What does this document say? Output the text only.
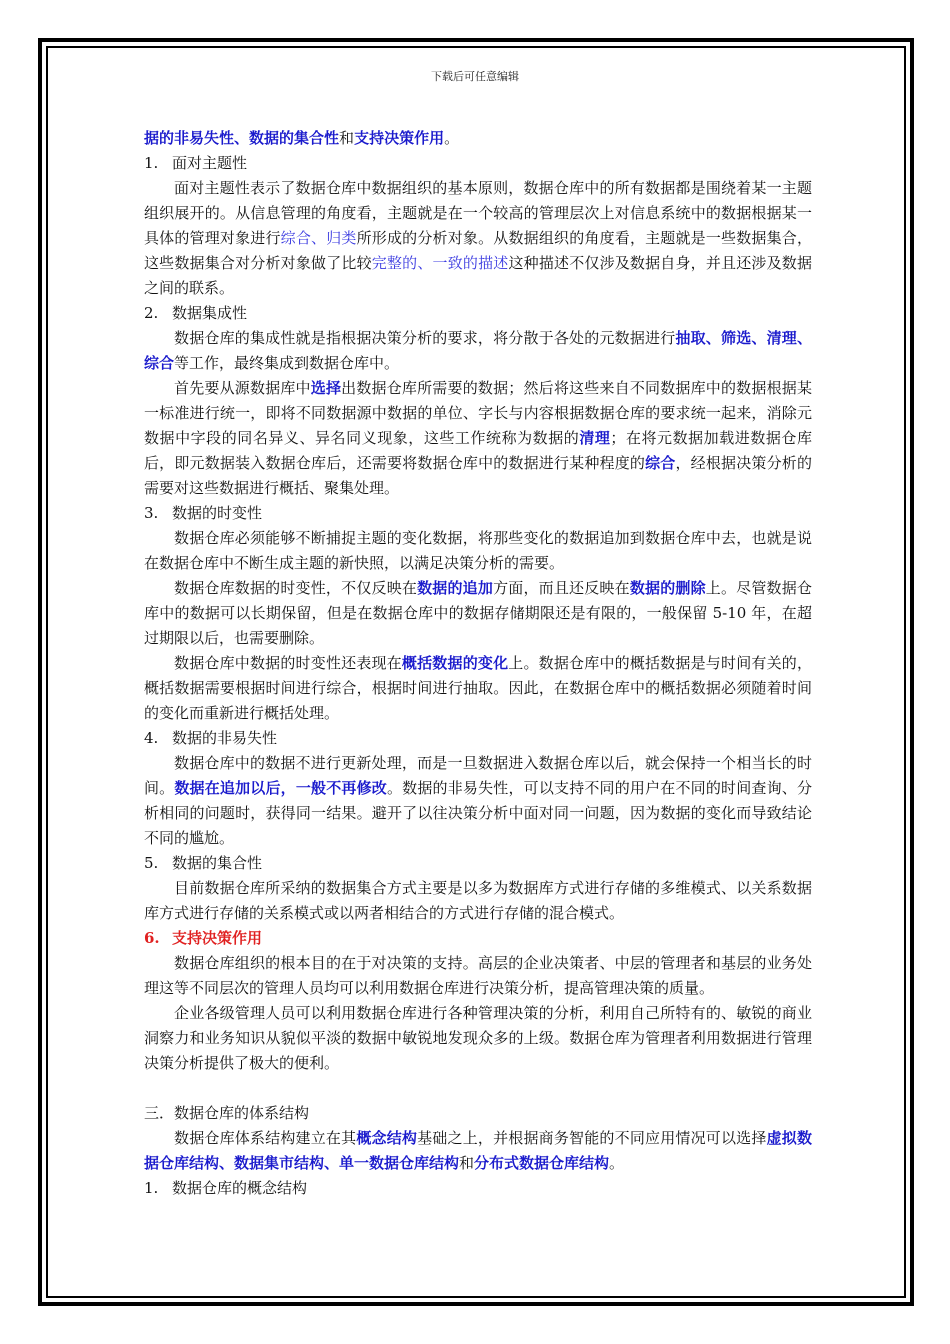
下载后可任意编辑

据的非易失性、数据的集合性和支持决策作用。

1. 面对主题性

面对主题性表示了数据仓库中数据组织的基本原则，数据仓库中的所有数据都是围绕着某一主题组织展开的。从信息管理的角度看，主题就是在一个较高的管理层次上对信息系统中的数据根据某一具体的管理对象进行综合、归类所形成的分析对象。从数据组织的角度看，主题就是一些数据集合，这些数据集合对分析对象做了比较完整的、一致的描述这种描述不仅涉及数据自身，并且还涉及数据之间的联系。

2. 数据集成性

数据仓库的集成性就是指根据决策分析的要求，将分散于各处的元数据进行抽取、筛选、清理、综合等工作，最终集成到数据仓库中。

首先要从源数据库中选择出数据仓库所需要的数据；然后将这些来自不同数据库中的数据根据某一标准进行统一，即将不同数据源中数据的单位、字长与内容根据数据仓库的要求统一起来，消除元数据中字段的同名异义、异名同义现象，这些工作统称为数据的清理；在将元数据加载进数据仓库后，即元数据装入数据仓库后，还需要将数据仓库中的数据进行某种程度的综合，经根据决策分析的需要对这些数据进行概括、聚集处理。

3. 数据的时变性

数据仓库必须能够不断捕捉主题的变化数据，将那些变化的数据追加到数据仓库中去，也就是说在数据仓库中不断生成主题的新快照，以满足决策分析的需要。

数据仓库数据的时变性，不仅反映在数据的追加方面，而且还反映在数据的删除上。尽管数据仓库中的数据可以长期保留，但是在数据仓库中的数据存储期限还是有限的，一般保留 5-10 年，在超过期限以后，也需要删除。

数据仓库中数据的时变性还表现在概括数据的变化上。数据仓库中的概括数据是与时间有关的，概括数据需要根据时间进行综合，根据时间进行抽取。因此，在数据仓库中的概括数据必须随着时间的变化而重新进行概括处理。

4. 数据的非易失性

数据仓库中的数据不进行更新处理，而是一旦数据进入数据仓库以后，就会保持一个相当长的时间。数据在追加以后，一般不再修改。数据的非易失性，可以支持不同的用户在不同的时间查询、分析相同的问题时，获得同一结果。避开了以往决策分析中面对同一问题，因为数据的变化而导致结论不同的尴尬。

5. 数据的集合性

目前数据仓库所采纳的数据集合方式主要是以多为数据库方式进行存储的多维模式、以关系数据库方式进行存储的关系模式或以两者相结合的方式进行存储的混合模式。

6. 支持决策作用

数据仓库组织的根本目的在于对决策的支持。高层的企业决策者、中层的管理者和基层的业务处理这等不同层次的管理人员均可以利用数据仓库进行决策分析，提高管理决策的质量。

企业各级管理人员可以利用数据仓库进行各种管理决策的分析，利用自己所特有的、敏锐的商业洞察力和业务知识从貌似平淡的数据中敏锐地发现众多的上级。数据仓库为管理者利用数据进行管理决策分析提供了极大的便利。

三．数据仓库的体系结构

数据仓库体系结构建立在其概念结构基础之上，并根据商务智能的不同应用情况可以选择虚拟数据仓库结构、数据集市结构、单一数据仓库结构和分布式数据仓库结构。

1. 数据仓库的概念结构
